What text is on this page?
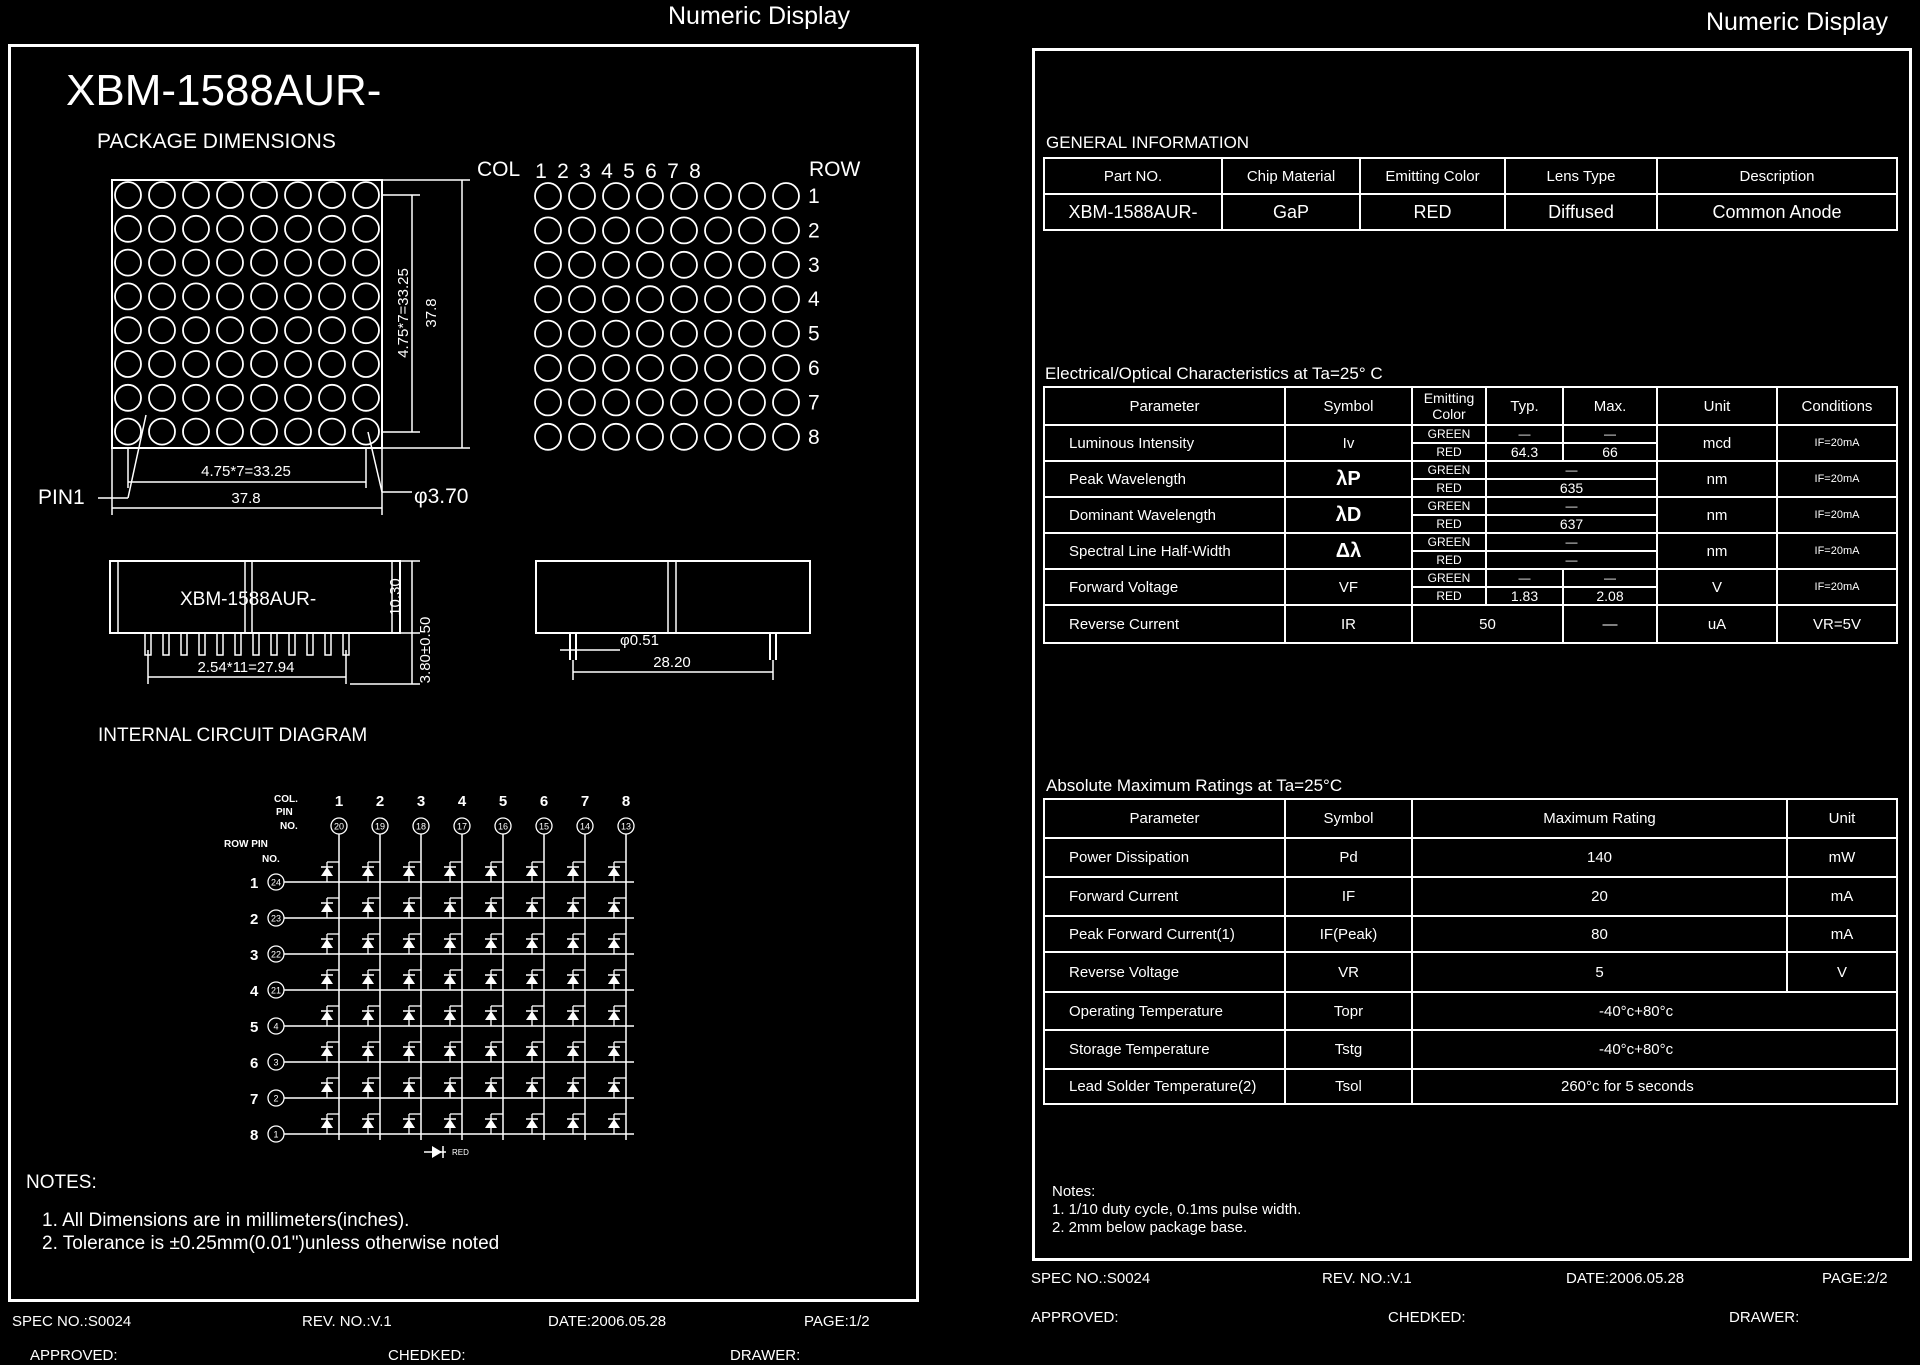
Numeric Display
XBM-1588AUR-
PACKAGE DIMENSIONS
4.75*7=33.25 37.8
4.75*7=33.25
37.8	φ3.70
PIN1
COL	ROW
1 2 3 4 5 6 7 8
1
2
3
4
5
6
7
8
XBM-1588AUR-	10.30
3.80±0.50
2.54*11=27.94
φ0.51
28.20
INTERNAL CIRCUIT DIAGRAM
COL.
PIN
NO.
ROW PIN
NO.
1
20
2
19
3
18
4
17
5
16
6
15
7
14
8
13
1 24
2 23
3 22
4 21
5 4
6 3
7 2
8 1
RED
NOTES:
1. All Dimensions are in millimeters(inches).
2. Tolerance is ±0.25mm(0.01")unless otherwise noted
SPEC NO.:S0024	REV. NO.:V.1	DATE:2006.05.28	PAGE:1/2
APPROVED:	CHEDKED:	DRAWER:
Numeric Display
GENERAL INFORMATION
Part NO.	Chip Material	Emitting Color	Lens Type	Description
XBM-1588AUR-	GaP	RED	Diffused	Common Anode
Electrical/Optical Characteristics at Ta=25° C
Parameter	Symbol	Emitting Color	Typ.	Max.	Unit	Conditions
Luminous Intensity	Iv	GREEN	—	—	mcd	IF=20mA
		RED	64.3	66		
Peak Wavelength	λP	GREEN	—		nm	IF=20mA
		RED	635			
Dominant Wavelength	λD	GREEN	—		nm	IF=20mA
		RED	637			
Spectral Line Half-Width	Δλ	GREEN	—		nm	IF=20mA
		RED	—			
Forward Voltage	VF	GREEN	—	—	V	IF=20mA
		RED	1.83	2.08		
Reverse Current	IR	50		—	uA	VR=5V
Absolute Maximum Ratings at Ta=25°C
Parameter	Symbol	Maximum Rating	Unit
Power Dissipation	Pd	140	mW
Forward Current	IF	20	mA
Peak Forward Current(1)	IF(Peak)	80	mA
Reverse Voltage	VR	5	V
Operating Temperature	Topr	-40°c+80°c	
Storage Temperature	Tstg	-40°c+80°c	
Lead Solder Temperature(2)	Tsol	260°c for 5 seconds	
Notes:
1. 1/10 duty cycle, 0.1ms pulse width.
2. 2mm below package base.
SPEC NO.:S0024	REV. NO.:V.1	DATE:2006.05.28	PAGE:2/2
APPROVED:	CHEDKED:	DRAWER:
